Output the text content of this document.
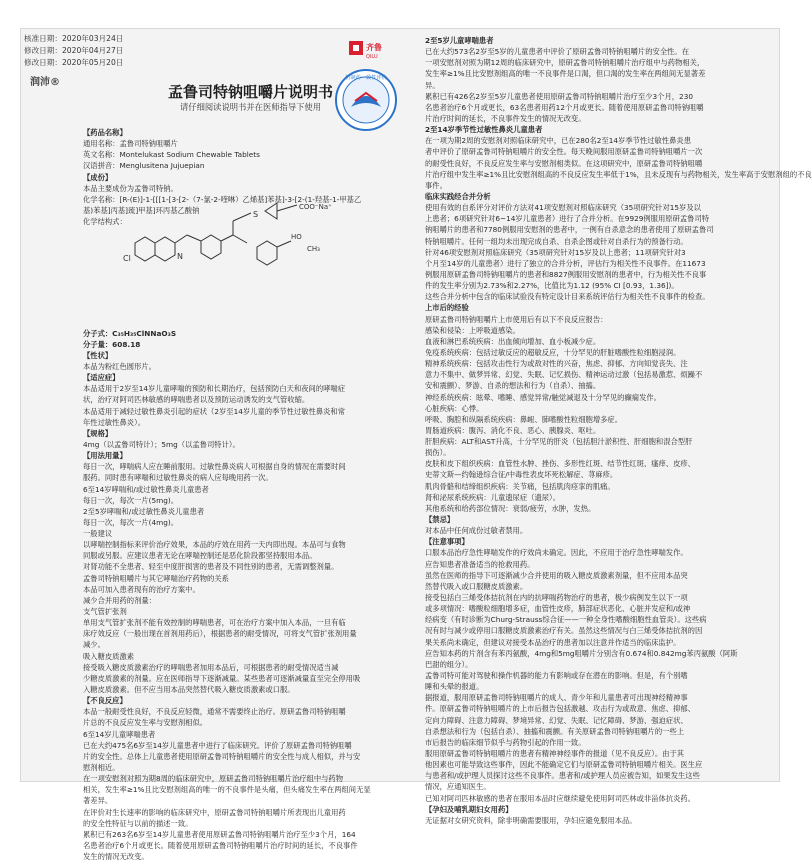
核准日期：2020年03月24日
修改日期：2020年04月27日
修改日期：2020年05月20日
润沛®
齐鲁
QILU
仿制药一致性评价
孟鲁司特钠咀嚼片说明书
请仔细阅读说明书并在医师指导下使用
【药品名称】
通用名称：孟鲁司特钠咀嚼片
英文名称：Montelukast Sodium Chewable Tablets
汉语拼音：Menglusitena Jujuepian
【成份】
本品主要成份为孟鲁司特钠。
化学名称：[R-(E)]-1-[[[1-[3-[2-（7-氯-2-喹啉）乙烯基]苯基]-3-[2-(1-羟基-1-甲基乙
基)苯基]丙基]巯]甲基]环丙基乙酸钠
化学结构式：
分子式：C₃₅H₃₅ClNNaO₃S
分子量：608.18
【性状】
本品为粉红色圆形片。
【适应症】
本品适用于2岁至14岁儿童哮喘的预防和长期治疗，包括预防白天和夜间的哮喘症
状，治疗对阿司匹林敏感的哮喘患者以及预防运动诱发的支气管收缩。
本品适用于减轻过敏性鼻炎引起的症状（2岁至14岁儿童的季节性过敏性鼻炎和常
年性过敏性鼻炎）。
【规格】
4mg（以孟鲁司特计）；5mg（以孟鲁司特计）。
【用法用量】
每日一次，哮喘病人应在睡前服用。过敏性鼻炎病人可根据自身的情况在需要时间
服药。同时患有哮喘和过敏性鼻炎的病人应每晚用药一次。
6至14岁哮喘和/或过敏性鼻炎儿童患者
每日一次，每次一片(5mg)。
2至5岁哮喘和/或过敏性鼻炎儿童患者
每日一次，每次一片(4mg)。
一般建议
以哮喘控制指标来评价治疗效果，本品的疗效在用药一天内即出现。本品可与食物
同服或另服。应建议患者无论在哮喘控制还是恶化阶段都坚持服用本品。
对肾功能不全患者、轻至中度肝损害的患者及不同性别的患者，无需调整剂量。
孟鲁司特钠咀嚼片与其它哮喘治疗药物的关系
本品可加入患者现有的治疗方案中。
减少合并用药的剂量：
支气管扩张剂
单用支气管扩张剂不能有效控制的哮喘患者，可在治疗方案中加入本品，一旦有临
床疗效反应（一般出现在首剂用药后），根据患者的耐受情况，可将支气管扩张剂用量
减少。
吸入糖皮质激素
接受吸入糖皮质激素治疗的哮喘患者加用本品后，可根据患者的耐受情况适当减
少糖皮质激素的剂量。应在医师指导下逐渐减量。某些患者可逐渐减量直至完全停用吸
入糖皮质激素。但不应当用本品突然替代吸入糖皮质激素或口服。
【不良反应】
本品一般耐受性良好，不良反应轻微，通常不需要终止治疗。原研孟鲁司特钠咀嚼
片总的不良反应发生率与安慰剂相似。
6至14岁儿童哮喘患者
已在大约475名6岁至14岁儿童患者中进行了临床研究。评价了原研孟鲁司特钠咀嚼
片的安全性。总体上儿童患者使用原研孟鲁司特钠咀嚼片的安全性与成人相似，并与安
慰剂相近。
在一项安慰剂对照为期8周的临床研究中，原研孟鲁司特钠咀嚼片治疗组中与药物
相关，发生率≥1%且比安慰剂组高的唯一的不良事件是头痛，但头痛发生率在两组间无显
著差异。
在评价对生长速率的影响的临床研究中，原研孟鲁司特钠咀嚼片所表现出儿童用药
的安全性特征与以前的描述一致。
累积已有263名6岁至14岁儿童患者使用原研孟鲁司特钠咀嚼片治疗至少3个月，164
名患者治疗6个月或更长。随着使用原研孟鲁司特钠咀嚼片治疗时间的延长，不良事件
发生的情况无改变。
2至5岁儿童哮喘患者
已在大约573名2岁至5岁的儿童患者中评价了原研孟鲁司特钠咀嚼片的安全性。在
一项安慰剂对照为期12周的临床研究中，原研孟鲁司特钠咀嚼片治疗组中与药物相关，
发生率≥1%且比安慰剂组高的唯一不良事件是口渴，但口渴的发生率在两组间无显著差
异。
累积已有426名2岁至5岁儿童患者使用原研孟鲁司特钠咀嚼片治疗至少3个月，230
名患者治疗6个月或更长，63名患者用药12个月或更长。随着使用原研孟鲁司特钠咀嚼
片治疗时间的延长，不良事件发生的情况无改变。
2至14岁季节性过敏性鼻炎儿童患者
在一项为期2周的安慰剂对照临床研究中，已在280名2至14岁季节性过敏性鼻炎患
者中评价了原研孟鲁司特钠咀嚼片的安全性。每天晚间服用原研孟鲁司特钠咀嚼片一次
的耐受性良好，不良反应发生率与安慰剂相类似。在这项研究中，原研孟鲁司特钠咀嚼
片治疗组中发生率≥1%且比安慰剂组高的不良反应发生率低于1%，且未反现有与药物相关，发生率高于安慰剂组的不良
事件。
临床实践经合并分析
使用有效的自系评分对评价方法对41项安慰剂对照临床研究（35项研究针对15岁及以
上患者；6项研究针对6~14岁儿童患者）进行了合并分析。在9929例服用原研孟鲁司特
钠咀嚼片的患者和7780例服用安慰剂的患者中，一例有自杀意念的患者使用了原研孟鲁司
特钠咀嚼片。任何一组均未出现完成自杀、自杀企图或针对自杀行为的预备行动。
针对46项安慰剂对照临床研究（35项研究针对15岁及以上患者；11项研究针对3
个月至14岁的儿童患者）进行了独立的合并分析，评估行为相关性不良事件。在11673
例服用原研孟鲁司特钠咀嚼片的患者和8827例服用安慰剂的患者中，行为相关性不良事
件的发生率分别为2.73%和2.27%，比值比为1.12 (95% CI [0.93，1.36])。
这些合并分析中包含的临床试验没有特定设计目来系统评估行为相关性不良事件的检查。
上市后的经验
原研孟鲁司特钠咀嚼片上市使用后有以下不良反应报告：
感染和侵染：上呼吸道感染。
血液和淋巴系统疾病：出血倾向增加、血小板减少症。
免疫系统疾病：包括过敏反应的超敏反应，十分罕见的肝脏嗜酸性粒细胞浸润。
精神系统疾病：包括攻击性行为或敌对性的兴奋，焦虑、抑郁、方向知觉丧失、注
意力不集中、做梦异常、幻觉、失眠、记忆损伤、精神运动过激（包括易激惹、烦躁不
安和震颤）、梦游、自杀的想法和行为（自杀）、抽搐。
神经系统疾病：眩晕、嗜睡、感觉异常/触觉减退及十分罕见的癫痫发作。
心脏疾病：心悸。
呼吸、胸腔和纵隔系统疾病：鼻衄、肺嗜酸性粒细胞增多症。
胃肠道疾病：腹泻、消化不良、恶心、胰腺炎、呕吐。
肝胆疾病：ALT和AST升高，十分罕见的肝炎（包括胆汁淤积性、肝细胞和混合型肝
损伤）。
皮肤和皮下组织疾病：血管性水肿、挫伤、多形性红斑、结节性红斑、瘙痒、皮疹、
史蒂文斯—约翰逊综合征/中毒性表皮坏死松解症、荨麻疹。
肌肉骨骼和结缔组织疾病：关节痛，包括肌肉痉挛的肌痛。
肾和泌尿系统疾病：儿童遗尿症（遗尿）。
其他系统和给药部位情况：衰弱/疲劳，水肿，发热。
【禁忌】
对本品中任何成份过敏者禁用。
【注意事项】
口服本品治疗急性哮喘发作的疗效尚未确定。因此，不应用于治疗急性哮喘发作。
应告知患者准备适当的抢救用药。
虽然在医师的指导下可逐渐减少合并使用的吸入糖皮质激素剂量，但不应用本品突
然替代吸入或口服糖皮质激素。
接受包括白三烯受体拮抗剂在内的抗哮喘药物治疗的患者，极少病例发生以下一项
或多项情况：嗜酸粒细胞增多症，血管性皮疹，肺部症状恶化、心脏并发症和/或神
经病变（有时诊断为Churg-Strauss综合征——一种全身性嗜酸细胞性血管炎）。这些病
况有时与减少或停用口服糖皮质激素治疗有关。虽然这些情况与白三烯受体拮抗剂的因
果关系尚未确定，但建议对接受本品治疗的患者加以注意并作适当的临床监护。
应告知本药的片剂含有苯丙氨酸，4mg和5mg咀嚼片分别含有0.674和0.842mg苯丙氨酸（阿斯
巴甜的组分）。
孟鲁司特可能对驾驶和操作机器的能力有影响或存在潜在的影响。但是，有个别嗜
睡和头晕的报道。
据报道，服用原研孟鲁司特钠咀嚼片的成人、青少年和儿童患者可出现神经精神事
件。原研孟鲁司特钠咀嚼片的上市后报告包括激越、攻击行为或敌意、焦虑、抑郁、
定向力障碍、注意力障碍、梦境异常、幻觉、失眠、记忆障碍、梦游、强迫症状、
自杀想法和行为（包括自杀）、抽搐和震颤。有关原研孟鲁司特钠咀嚼片的一些上
市后报告的临床细节似乎与药物引起的作用一致。
服用原研孟鲁司特钠咀嚼片的患者有精神神经事件的报道（见不良反应）。由于其
他因素也可能导致这些事件，因此不能确定它们与原研孟鲁司特钠咀嚼片相关。医生应
与患者和/或护理人员探讨这些不良事件。患者和/或护理人员应被告知，如果发生这些
情况，应通知医生。
已知对阿司匹林敏感的患者在服用本品时应继续避免使用阿司匹林或非甾体抗炎药。
【孕妇及哺乳期妇女用药】
无证据对女研究资料，除非明确需要服用，孕妇应避免服用本品。
Cl	N
S
COO⁻Na⁺
HO
CH₃
